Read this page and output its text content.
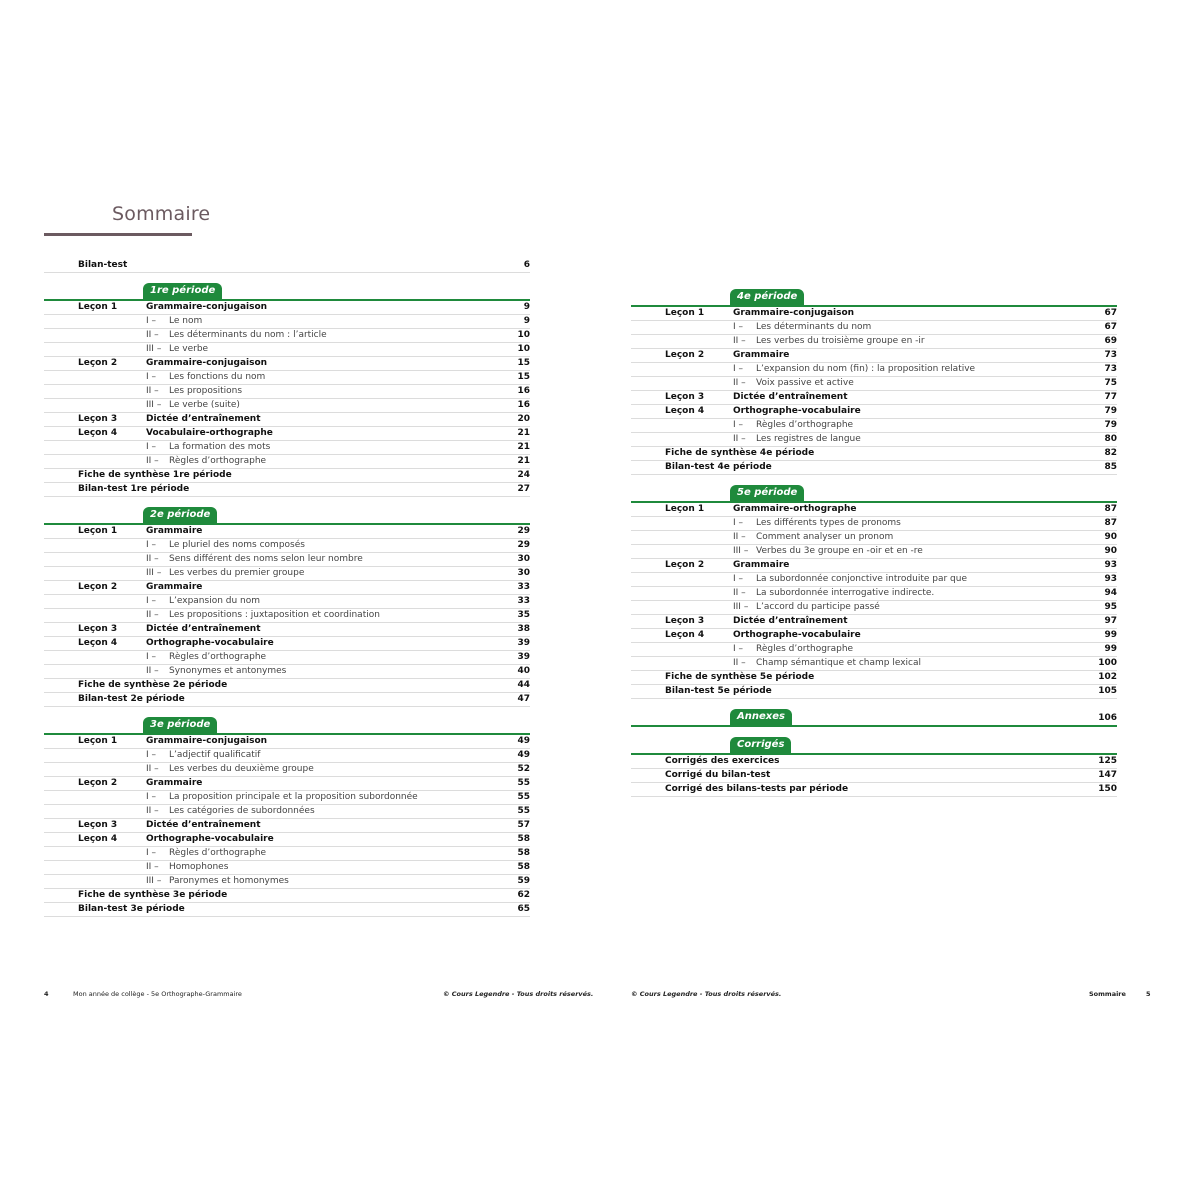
Sommaire
Bilan-test	6
1re période
Leçon 1	Grammaire-conjugaison	9
I – Le nom	9
II – Les déterminants du nom : l’article	10
III – Le verbe	10
Leçon 2	Grammaire-conjugaison	15
I – Les fonctions du nom	15
II – Les propositions	16
III – Le verbe (suite)	16
Leçon 3	Dictée d’entraînement	20
Leçon 4	Vocabulaire-orthographe	21
I – La formation des mots	21
II – Règles d’orthographe	21
Fiche de synthèse 1re période	24
Bilan-test 1re période	27
2e période
Leçon 1	Grammaire	29
I – Le pluriel des noms composés	29
II – Sens différent des noms selon leur nombre	30
III – Les verbes du premier groupe	30
Leçon 2	Grammaire	33
I – L’expansion du nom	33
II – Les propositions : juxtaposition et coordination	35
Leçon 3	Dictée d’entraînement	38
Leçon 4	Orthographe-vocabulaire	39
I – Règles d’orthographe	39
II – Synonymes et antonymes	40
Fiche de synthèse 2e période	44
Bilan-test 2e période	47
3e période
Leçon 1	Grammaire-conjugaison	49
I – L’adjectif qualificatif	49
II – Les verbes du deuxième groupe	52
Leçon 2	Grammaire	55
I – La proposition principale et la proposition subordonnée	55
II – Les catégories de subordonnées	55
Leçon 3	Dictée d’entraînement	57
Leçon 4	Orthographe-vocabulaire	58
I – Règles d’orthographe	58
II – Homophones	58
III – Paronymes et homonymes	59
Fiche de synthèse 3e période	62
Bilan-test 3e période	65
4e période
Leçon 1	Grammaire-conjugaison	67
I – Les déterminants du nom	67
II – Les verbes du troisième groupe en -ir	69
Leçon 2	Grammaire	73
I – L’expansion du nom (fin) : la proposition relative	73
II – Voix passive et active	75
Leçon 3	Dictée d’entraînement	77
Leçon 4	Orthographe-vocabulaire	79
I – Règles d’orthographe	79
II – Les registres de langue	80
Fiche de synthèse 4e période	82
Bilan-test 4e période	85
5e période
Leçon 1	Grammaire-orthographe	87
I – Les différents types de pronoms	87
II – Comment analyser un pronom	90
III – Verbes du 3e groupe en -oir et en -re	90
Leçon 2	Grammaire	93
I – La subordonnée conjonctive introduite par que	93
II – La subordonnée interrogative indirecte.	94
III – L’accord du participe passé	95
Leçon 3	Dictée d’entraînement	97
Leçon 4	Orthographe-vocabulaire	99
I – Règles d’orthographe	99
II – Champ sémantique et champ lexical	100
Fiche de synthèse 5e période	102
Bilan-test 5e période	105
Annexes	106
Corrigés
Corrigés des exercices	125
Corrigé du bilan-test	147
Corrigé des bilans-tests par période	150
4	Mon année de collège - 5e Orthographe-Grammaire	© Cours Legendre - Tous droits réservés.	© Cours Legendre - Tous droits réservés.	Sommaire	5
